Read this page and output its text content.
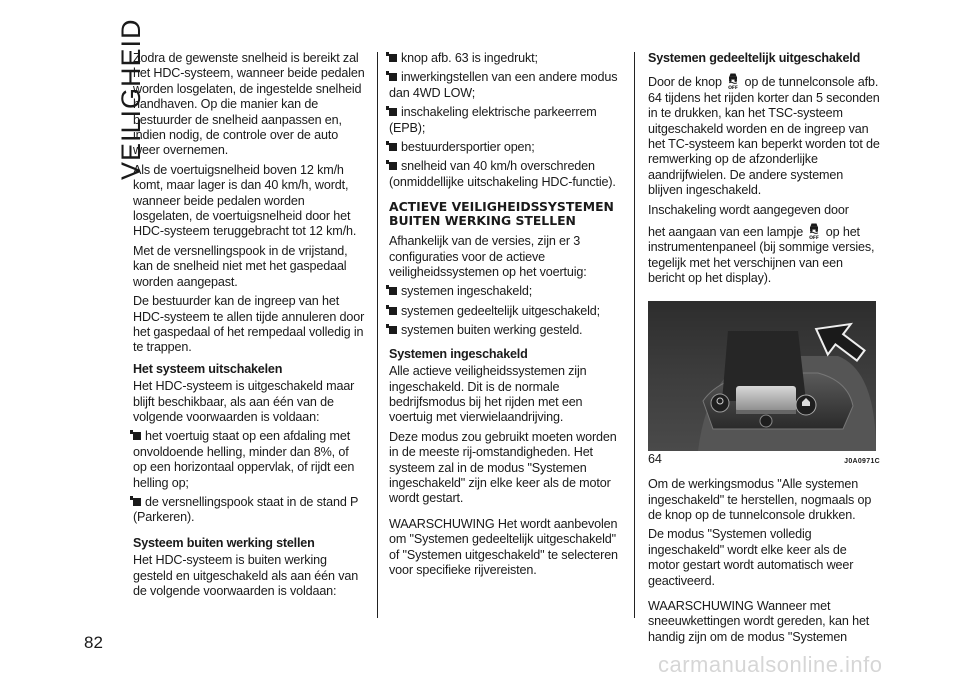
VEILIGHEID
82

Zodra de gewenste snelheid is bereikt zal het HDC-systeem, wanneer beide pedalen worden losgelaten, de ingestelde snelheid handhaven. Op die manier kan de bestuurder de snelheid aanpassen en, indien nodig, de controle over de auto weer overnemen.

Als de voertuigsnelheid boven 12 km/h komt, maar lager is dan 40 km/h, wordt, wanneer beide pedalen worden losgelaten, de voertuigsnelheid door het HDC-systeem teruggebracht tot 12 km/h.

Met de versnellingspook in de vrijstand, kan de snelheid niet met het gaspedaal worden aangepast.

De bestuurder kan de ingreep van het HDC-systeem te allen tijde annuleren door het gaspedaal of het rempedaal volledig in te trappen.

Het systeem uitschakelen

Het HDC-systeem is uitgeschakeld maar blijft beschikbaar, als aan één van de volgende voorwaarden is voldaan:

het voertuig staat op een afdaling met onvoldoende helling, minder dan 8%, of op een horizontaal oppervlak, of rijdt een helling op;

de versnellingspook staat in de stand P (Parkeren).

Systeem buiten werking stellen

Het HDC-systeem is buiten werking gesteld en uitgeschakeld als aan één van de volgende voorwaarden is voldaan:

knop afb. 63 is ingedrukt;

inwerkingstellen van een andere modus dan 4WD LOW;

inschakeling elektrische parkeerrem (EPB);

bestuurdersportier open;

snelheid van 40 km/h overschreden (onmiddellijke uitschakeling HDC-functie).

ACTIEVE VEILIGHEIDSSYSTEMEN BUITEN WERKING STELLEN

Afhankelijk van de versies, zijn er 3 configuraties voor de actieve veiligheidssystemen op het voertuig:

systemen ingeschakeld;

systemen gedeeltelijk uitgeschakeld;

systemen buiten werking gesteld.

Systemen ingeschakeld

Alle actieve veiligheidssystemen zijn ingeschakeld. Dit is de normale bedrijfsmodus bij het rijden met een voertuig met vierwielaandrijving.

Deze modus zou gebruikt moeten worden in de meeste rij-omstandigheden. Het systeem zal in de modus "Systemen ingeschakeld" zijn elke keer als de motor wordt gestart.

WAARSCHUWING Het wordt aanbevolen om "Systemen gedeeltelijk uitgeschakeld" of "Systemen uitgeschakeld" te selecteren voor specifieke rijvereisten.

Systemen gedeeltelijk uitgeschakeld

Door de knop OFF op de tunnelconsole afb. 64 tijdens het rijden korter dan 5 seconden in te drukken, kan het TSC-systeem uitgeschakeld worden en de ingreep van het TC-systeem kan beperkt worden tot de remwerking op de afzonderlijke aandrijfwielen. De andere systemen blijven ingeschakeld.

Inschakeling wordt aangegeven door

het aangaan van een lampje OFF op het instrumentenpaneel (bij sommige versies, tegelijk met het verschijnen van een bericht op het display).

64	J0A0971C

Om de werkingsmodus "Alle systemen ingeschakeld" te herstellen, nogmaals op de knop op de tunnelconsole drukken.

De modus "Systemen volledig ingeschakeld" wordt elke keer als de motor gestart wordt automatisch weer geactiveerd.

WAARSCHUWING Wanneer met sneeuwkettingen wordt gereden, kan het handig zijn om de modus "Systemen

carmanualsonline.info
